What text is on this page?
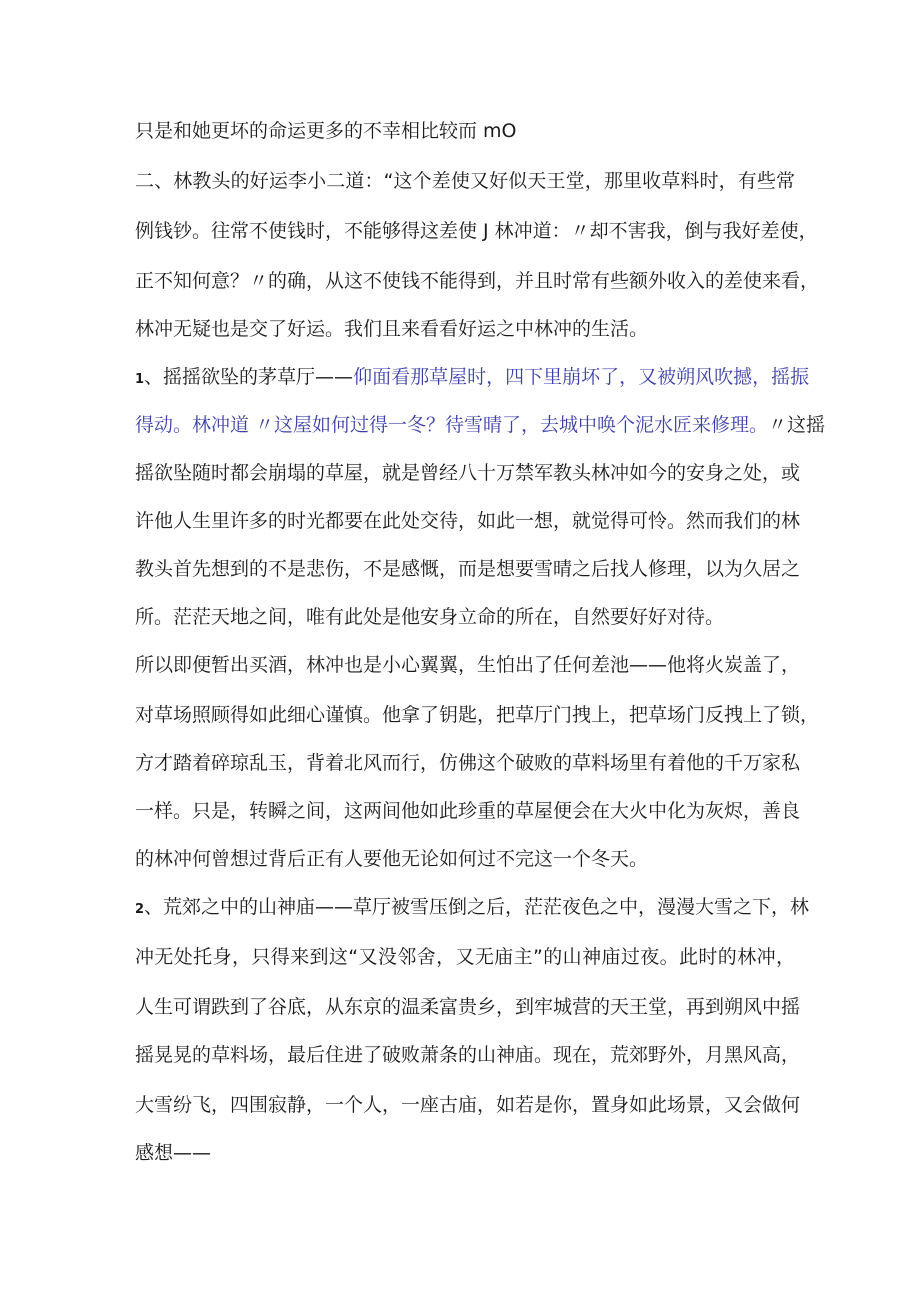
只是和她更坏的命运更多的不幸相比较而 mO
二、林教头的好运李小二道：“这个差使又好似天王堂，那里收草料时，有些常
例钱钞。往常不使钱时，不能够得这差使 J 林冲道：〃却不害我，倒与我好差使，
正不知何意？〃的确，从这不使钱不能得到，并且时常有些额外收入的差使来看，
林冲无疑也是交了好运。我们且来看看好运之中林冲的生活。
1、摇摇欲坠的茅草厅——仰面看那草屋时，四下里崩坏了，又被朔风吹撼，摇振
得动。林冲道 〃这屋如何过得一冬？待雪晴了，去城中唤个泥水匠来修理。〃这摇
摇欲坠随时都会崩塌的草屋，就是曾经八十万禁军教头林冲如今的安身之处，或
许他人生里许多的时光都要在此处交待，如此一想，就觉得可怜。然而我们的林
教头首先想到的不是悲伤，不是感慨，而是想要雪晴之后找人修理，以为久居之
所。茫茫天地之间，唯有此处是他安身立命的所在，自然要好好对待。
所以即便暂出买酒，林冲也是小心翼翼，生怕出了任何差池——他将火炭盖了，
对草场照顾得如此细心谨慎。他拿了钥匙，把草厅门拽上，把草场门反拽上了锁，
方才踏着碎琼乱玉，背着北风而行，仿佛这个破败的草料场里有着他的千万家私
一样。只是，转瞬之间，这两间他如此珍重的草屋便会在大火中化为灰烬，善良
的林冲何曾想过背后正有人要他无论如何过不完这一个冬天。
2、荒郊之中的山神庙——草厅被雪压倒之后，茫茫夜色之中，漫漫大雪之下，林
冲无处托身，只得来到这“又没邻舍，又无庙主”的山神庙过夜。此时的林冲，
人生可谓跌到了谷底，从东京的温柔富贵乡，到牢城营的天王堂，再到朔风中摇
摇晃晃的草料场，最后住进了破败萧条的山神庙。现在，荒郊野外，月黑风高，
大雪纷飞，四围寂静，一个人，一座古庙，如若是你，置身如此场景，又会做何
感想——
